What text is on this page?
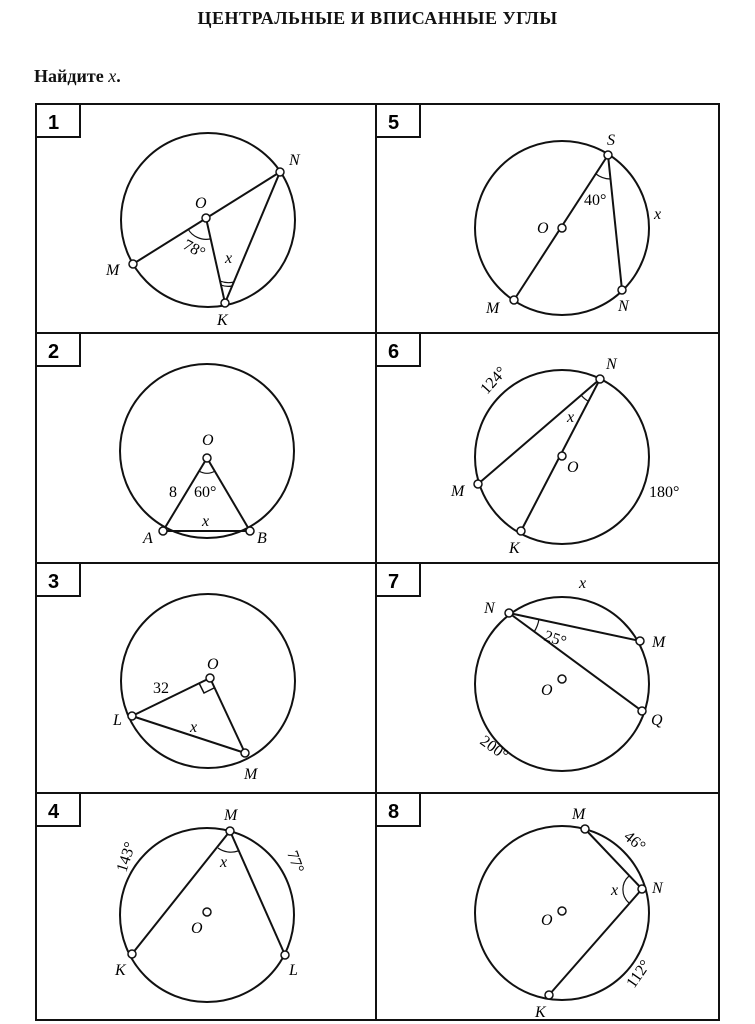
ЦЕНТРАЛЬНЫЕ И ВПИСАННЫЕ УГЛЫ
Найдите x.
1
N
O
M
K
78° x
5
S
O
M	N
40°
x
2
O
A	B
8 60°
x
6
N
O
M
K
124°
180°
x
3
O
L
M
32
x
7
N
M
O
Q
x
25°
200°
4	M
O
K	L
143°	77°
x
8	M
N
O
K
46°
x
112°
